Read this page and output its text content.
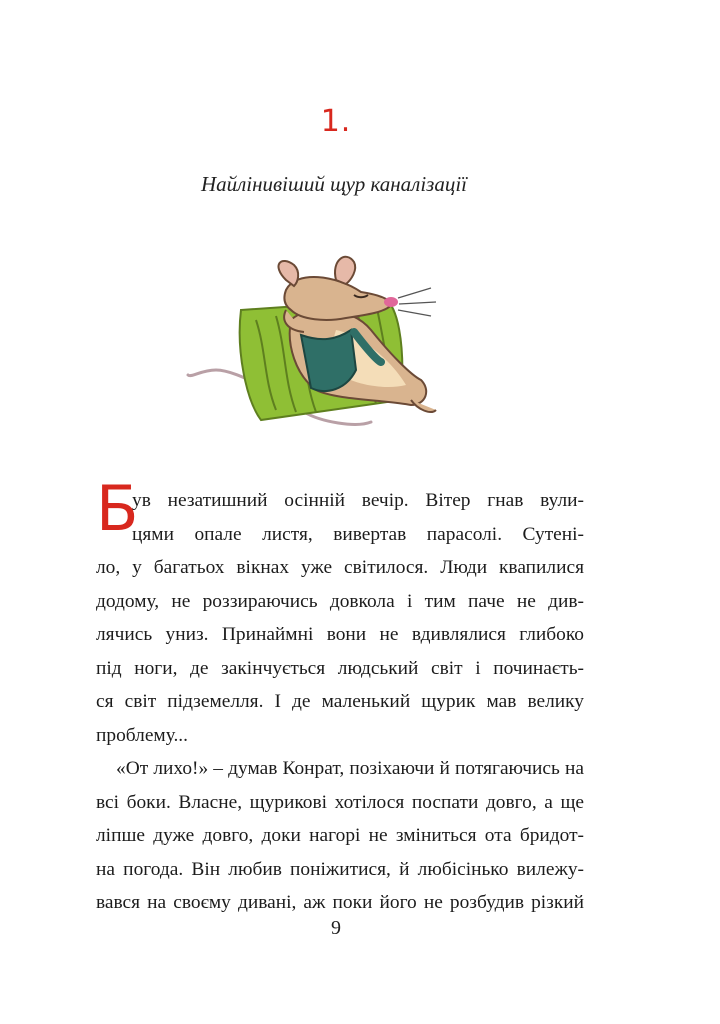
1.
Найлінивіший щур каналізації
Б
ув незатишний осінній вечір. Вітер гнав вули-
цями опале листя, вивертав парасолі. Сутені-
ло, у багатьох вікнах уже світилося. Люди квапилися
додому, не роззираючись довкола і тим паче не див-
лячись униз. Принаймні вони не вдивлялися глибоко
під ноги, де закінчується людський світ і починаєть-
ся світ підземелля. І де маленький щурик мав велику
проблему...
«От лихо!» – думав Конрат, позіхаючи й потягаючись на
всі боки. Власне, щурикові хотілося поспати довго, а ще
ліпше дуже довго, доки нагорі не зміниться ота бридот-
на погода. Він любив поніжитися, й любісінько вилежу-
вався на своєму дивані, аж поки його не розбудив різкий
9
